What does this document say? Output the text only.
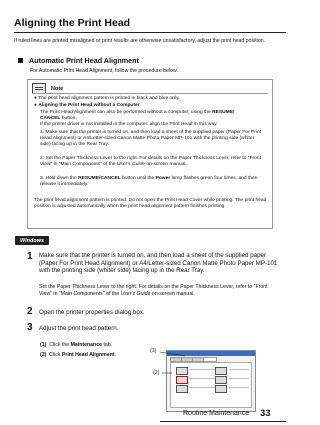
Aligning the Print Head
If ruled lines are printed misaligned or print results are otherwise unsatisfactory, adjust the print head position.
Automatic Print Head Alignment
For Automatic Print Head Alignment, follow the procedure below.
Note
● The print head alignment pattern is printed in black and blue only.
● Aligning the Print Head without a Computer
The Print Head Alignment can also be performed without a computer, using the RESUME/
CANCEL button.
If the printer driver is not installed in the computer, align the Print Head in this way.
1. Make sure that the printer is turned on, and then load a sheet of the supplied paper (Paper For Print Head Alignment) or A4/Letter-sized Canon Matte Photo Paper MP-101 with the printing side (whiter side) facing up in the Rear Tray.
2. Set the Paper Thickness Lever to the right. For details on the Paper Thickness Lever, refer to "Front View" in "Main Components" of the User's Guide on-screen manual.
3. Hold down the RESUME/CANCEL button until the Power lamp flashes green four times, and then release it immediately.
The print head alignment pattern is printed. Do not open the Print Head Cover while printing. The print head position is adjusted automatically when the print head alignment pattern finishes printing.
Windows
1 Make sure that the printer is turned on, and then load a sheet of the supplied paper (Paper For Print Head Alignment) or A4/Letter-sized Canon Matte Photo Paper MP-101 with the printing side (whiter side) facing up in the Rear Tray.
Set the Paper Thickness Lever to the right. For details on the Paper Thickness Lever, refer to "Front View" in "Main Components" of the User's Guide on-screen manual.
2 Open the printer properties dialog box.
3 Adjust the print head pattern.
(1) Click the Maintenance tab.
(2) Click Print Head Alignment.
(1)
(2)
Routine Maintenance 33
